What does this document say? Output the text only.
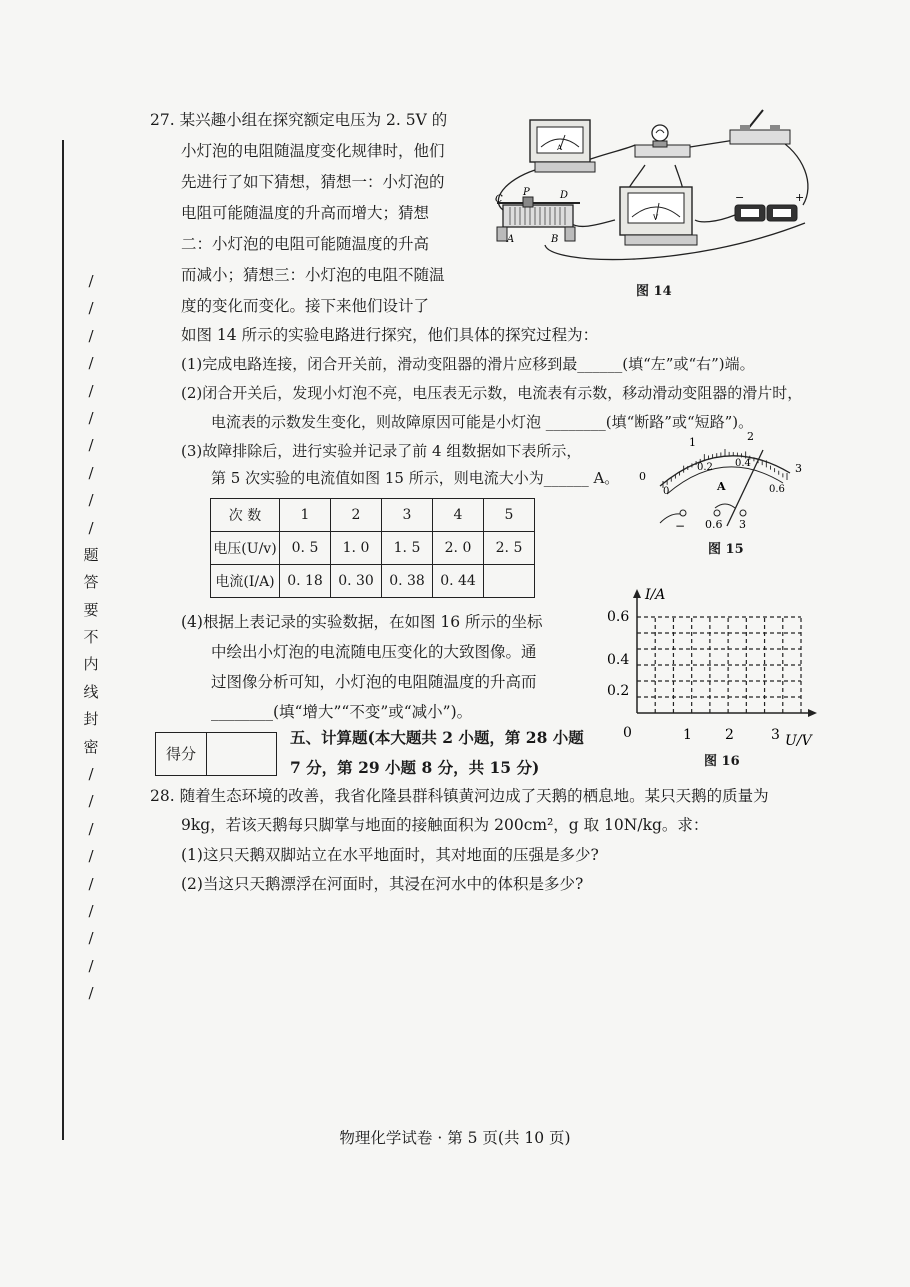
/
/
/
/
/
/
/
/
/
/
题
答
要
不
内
线
封
密
/
/
/
/
/
/
/
/
/
27. 某兴趣小组在探究额定电压为 2. 5V 的
小灯泡的电阻随温度变化规律时，他们
先进行了如下猜想，猜想一：小灯泡的
电阻可能随温度的升高而增大；猜想
二：小灯泡的电阻可能随温度的升高
而减小；猜想三：小灯泡的电阻不随温
度的变化而变化。接下来他们设计了
如图 14 所示的实验电路进行探究，他们具体的探究过程为：
(1)完成电路连接，闭合开关前，滑动变阻器的滑片应移到最______(填“左”或“右”)端。
(2)闭合开关后，发现小灯泡不亮，电压表无示数，电流表有示数，移动滑动变阻器的滑片时，
电流表的示数发生变化，则故障原因可能是小灯泡 ________(填“断路”或“短路”)。
(3)故障排除后，进行实验并记录了前 4 组数据如下表所示，
第 5 次实验的电流值如图 15 所示，则电流大小为______ A。
A
C
P	D
A	B
V
−	+
图 14
0
1	2
3
0
0.2 0.4
0.6
A
− 0.6 3
图 15
次 数	1	2	3	4	5
电压(U/v)	0. 5	1. 0	1. 5	2. 0	2. 5
电流(I/A)	0. 18	0. 30	0. 38	0. 44	
(4)根据上表记录的实验数据，在如图 16 所示的坐标
中绘出小灯泡的电流随电压变化的大致图像。通
过图像分析可知，小灯泡的电阻随温度的升高而
________(填“增大”“不变”或“减小”)。
I/A
U/V
0.6
0.4
0.2
0	1 2	3
图 16
得分
五、计算题(本大题共 2 小题，第 28 小题
7 分，第 29 小题 8 分，共 15 分)
28. 随着生态环境的改善，我省化隆县群科镇黄河边成了天鹅的栖息地。某只天鹅的质量为
9kg，若该天鹅每只脚掌与地面的接触面积为 200cm²，g 取 10N/kg。求：
(1)这只天鹅双脚站立在水平地面时，其对地面的压强是多少?
(2)当这只天鹅漂浮在河面时，其浸在河水中的体积是多少?
物理化学试卷 · 第 5 页(共 10 页)
